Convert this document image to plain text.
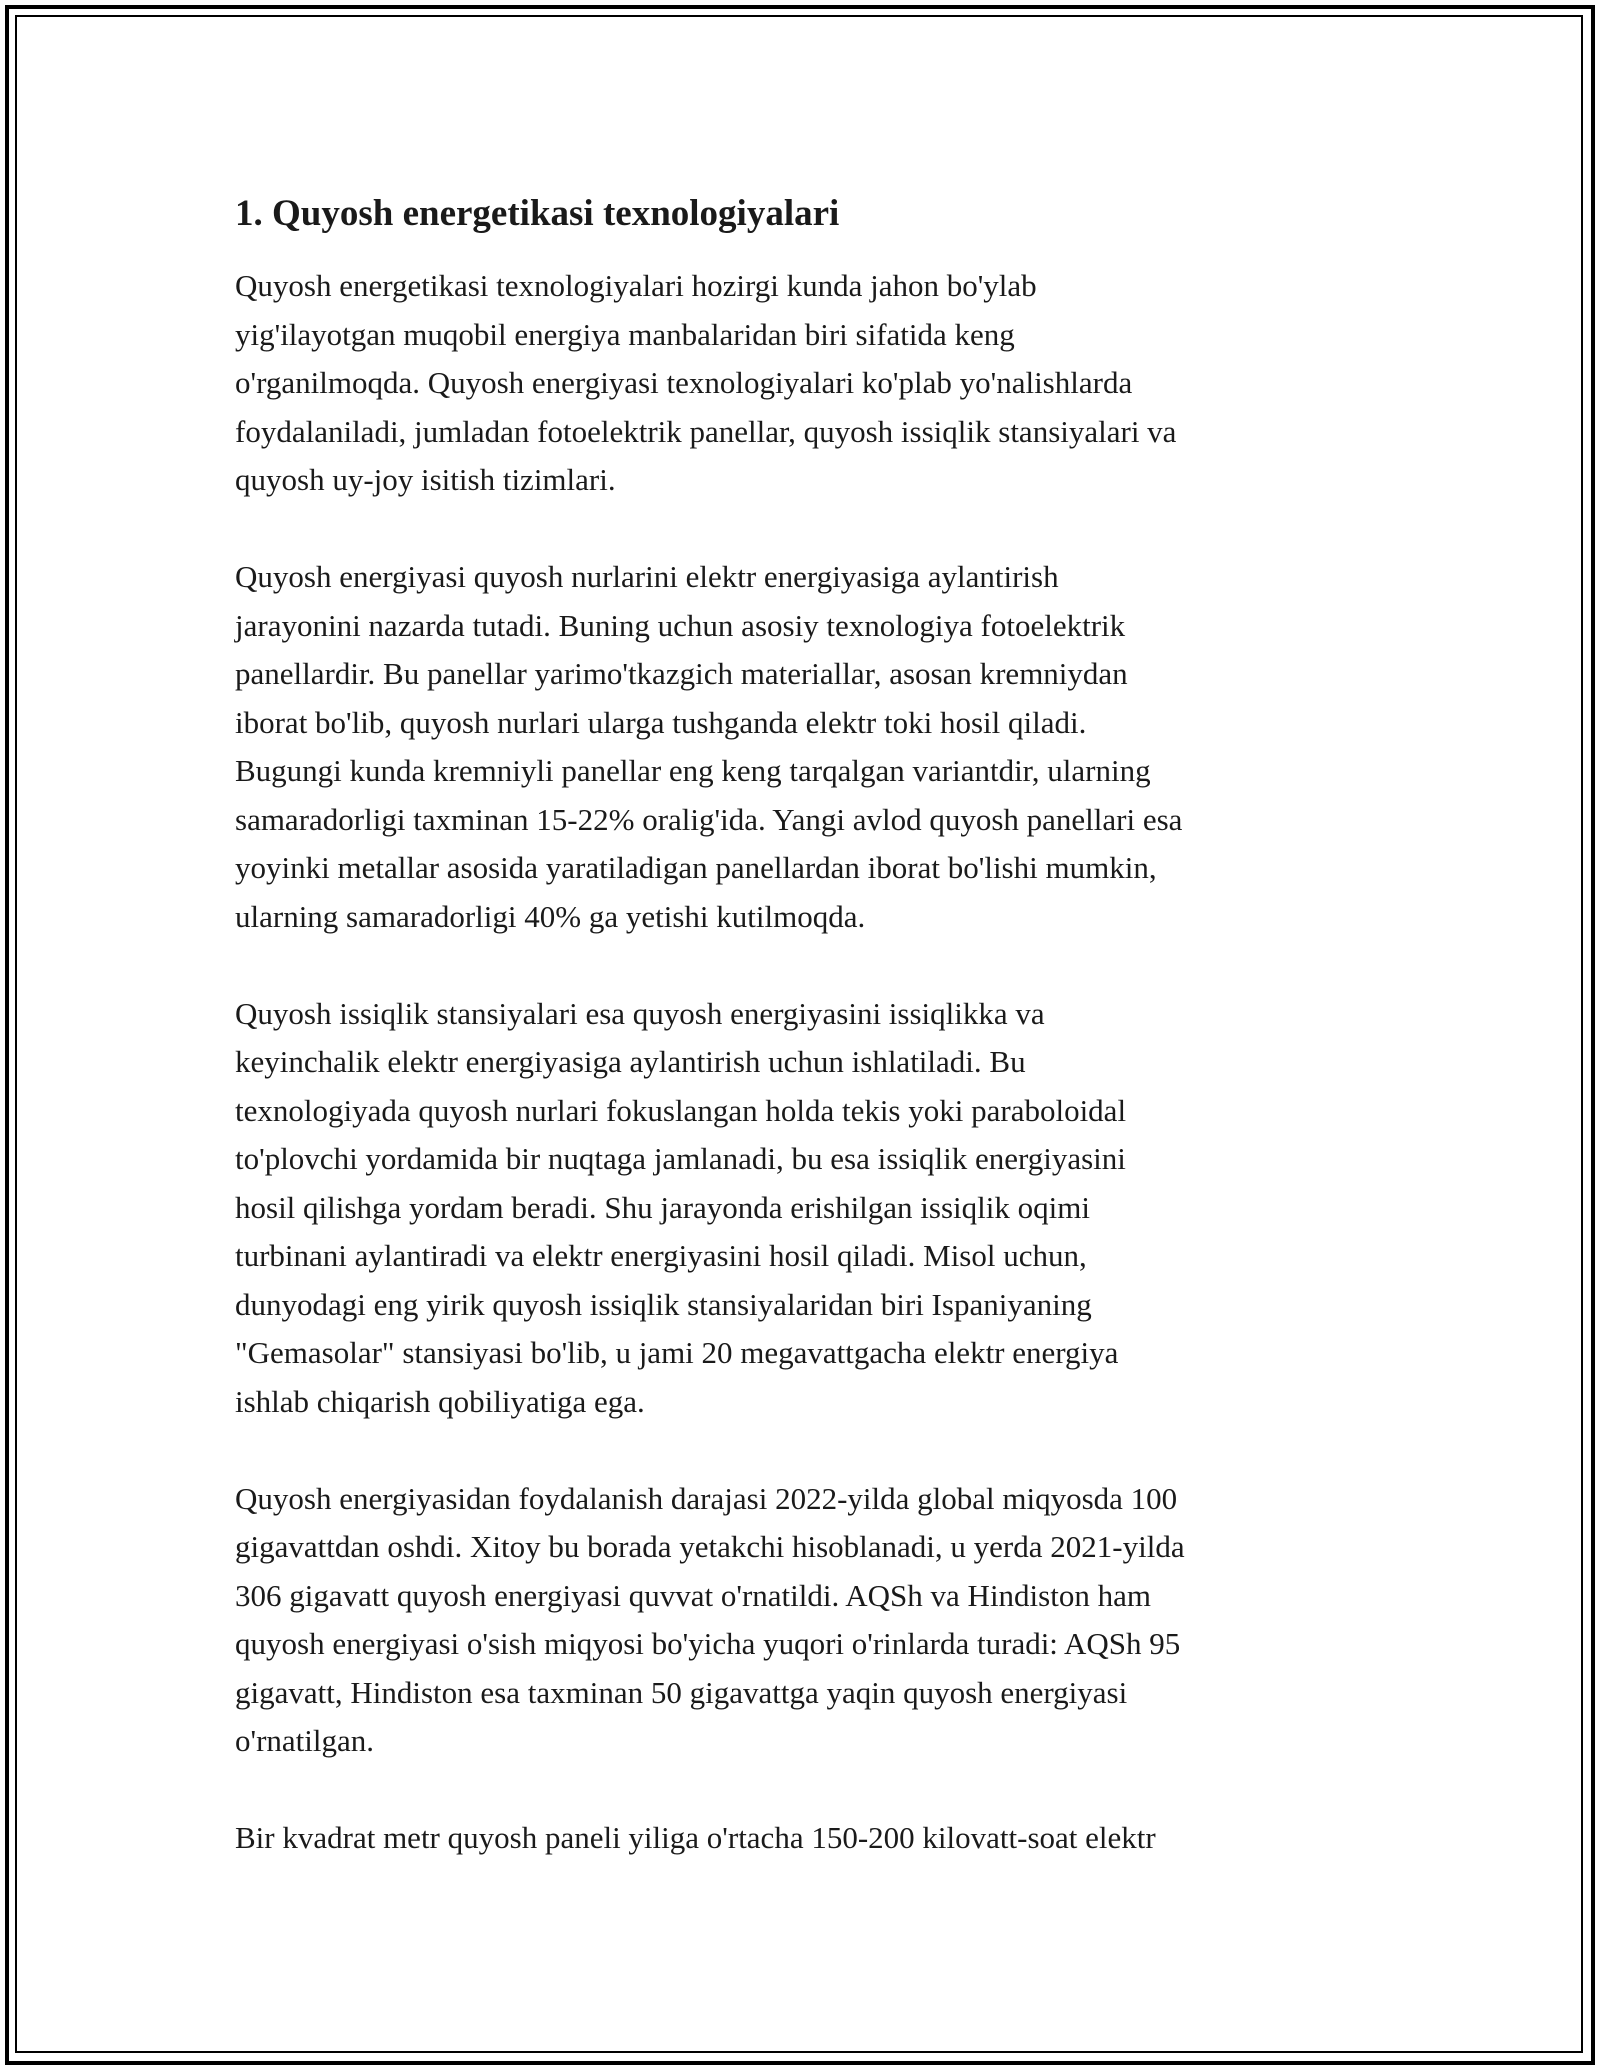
1. Quyosh energetikasi texnologiyalari

Quyosh energetikasi texnologiyalari hozirgi kunda jahon bo'ylab
yig'ilayotgan muqobil energiya manbalaridan biri sifatida keng
o'rganilmoqda. Quyosh energiyasi texnologiyalari ko'plab yo'nalishlarda
foydalaniladi, jumladan fotoelektrik panellar, quyosh issiqlik stansiyalari va
quyosh uy-joy isitish tizimlari.

Quyosh energiyasi quyosh nurlarini elektr energiyasiga aylantirish
jarayonini nazarda tutadi. Buning uchun asosiy texnologiya fotoelektrik
panellardir. Bu panellar yarimo'tkazgich materiallar, asosan kremniydan
iborat bo'lib, quyosh nurlari ularga tushganda elektr toki hosil qiladi.
Bugungi kunda kremniyli panellar eng keng tarqalgan variantdir, ularning
samaradorligi taxminan 15-22% oralig'ida. Yangi avlod quyosh panellari esa
yoyinki metallar asosida yaratiladigan panellardan iborat bo'lishi mumkin,
ularning samaradorligi 40% ga yetishi kutilmoqda.

Quyosh issiqlik stansiyalari esa quyosh energiyasini issiqlikka va
keyinchalik elektr energiyasiga aylantirish uchun ishlatiladi. Bu
texnologiyada quyosh nurlari fokuslangan holda tekis yoki paraboloidal
to'plovchi yordamida bir nuqtaga jamlanadi, bu esa issiqlik energiyasini
hosil qilishga yordam beradi. Shu jarayonda erishilgan issiqlik oqimi
turbinani aylantiradi va elektr energiyasini hosil qiladi. Misol uchun,
dunyodagi eng yirik quyosh issiqlik stansiyalaridan biri Ispaniyaning
"Gemasolar" stansiyasi bo'lib, u jami 20 megavattgacha elektr energiya
ishlab chiqarish qobiliyatiga ega.

Quyosh energiyasidan foydalanish darajasi 2022-yilda global miqyosda 100
gigavattdan oshdi. Xitoy bu borada yetakchi hisoblanadi, u yerda 2021-yilda
306 gigavatt quyosh energiyasi quvvat o'rnatildi. AQSh va Hindiston ham
quyosh energiyasi o'sish miqyosi bo'yicha yuqori o'rinlarda turadi: AQSh 95
gigavatt, Hindiston esa taxminan 50 gigavattga yaqin quyosh energiyasi
o'rnatilgan.

Bir kvadrat metr quyosh paneli yiliga o'rtacha 150-200 kilovatt-soat elektr
